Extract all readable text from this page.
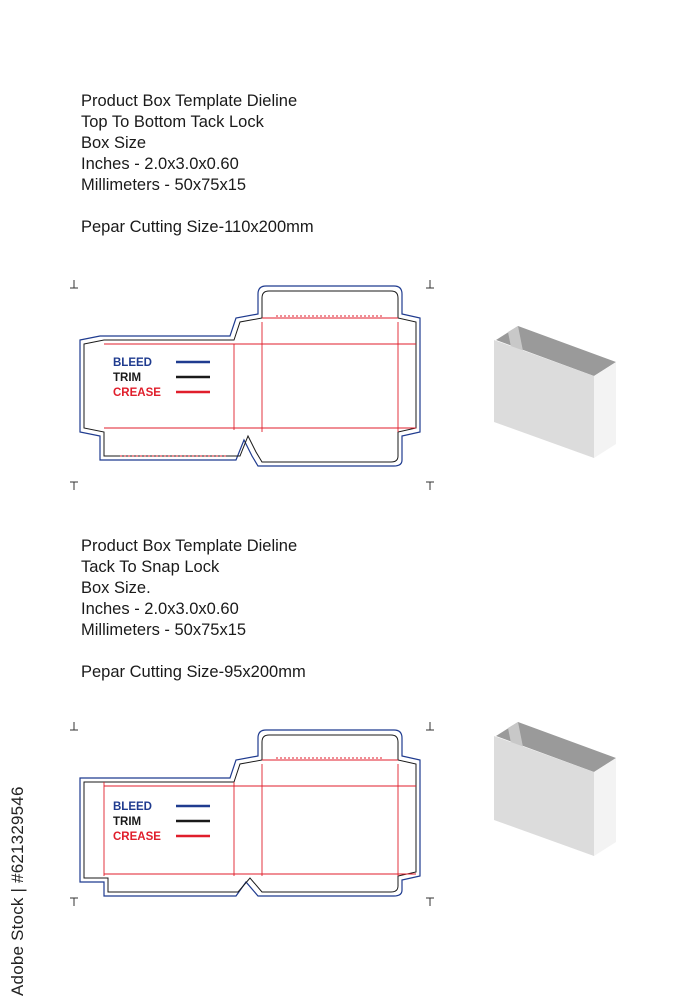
Product Box Template Dieline
Top To Bottom Tack Lock
Box Size
Inches - 2.0x3.0x0.60
Millimeters - 50x75x15
Pepar Cutting Size-110x200mm
BLEED
TRIM
CREASE
Product Box Template Dieline
Tack To Snap Lock
Box Size.
Inches - 2.0x3.0x0.60
Millimeters - 50x75x15
Pepar Cutting Size-95x200mm
BLEED
TRIM
CREASE
Adobe Stock | #621329546
